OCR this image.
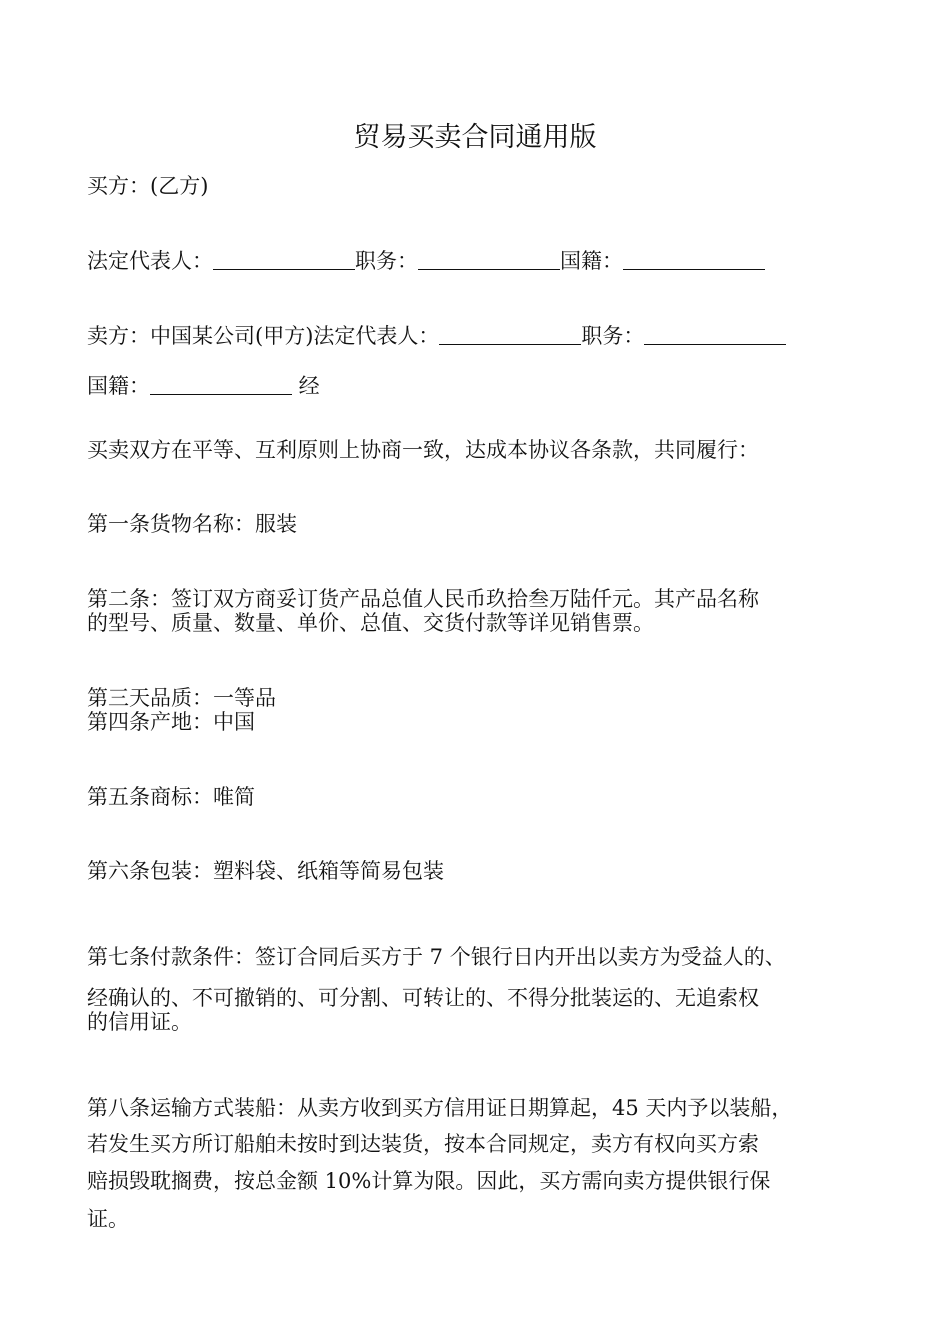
贸易买卖合同通用版
买方：(乙方)
法定代表人：	职务：	国籍：
卖方：中国某公司(甲方)法定代表人：	职务：
国籍：	经
买卖双方在平等、互利原则上协商一致，达成本协议各条款，共同履行：
第一条货物名称：服装
第二条：签订双方商妥订货产品总值人民币玖拾叁万陆仟元。其产品名称
的型号、质量、数量、单价、总值、交货付款等详见销售票。
第三天品质：一等品
第四条产地：中国
第五条商标：唯简
第六条包装：塑料袋、纸箱等简易包装
第七条付款条件：签订合同后买方于 7 个银行日内开出以卖方为受益人的、
经确认的、不可撤销的、可分割、可转让的、不得分批装运的、无追索权
的信用证。
第八条运输方式装船：从卖方收到买方信用证日期算起，45 天内予以装船，
若发生买方所订船舶未按时到达装货，按本合同规定，卖方有权向买方索
赔损毁耽搁费，按总金额 10%计算为限。因此，买方需向卖方提供银行保
证。
